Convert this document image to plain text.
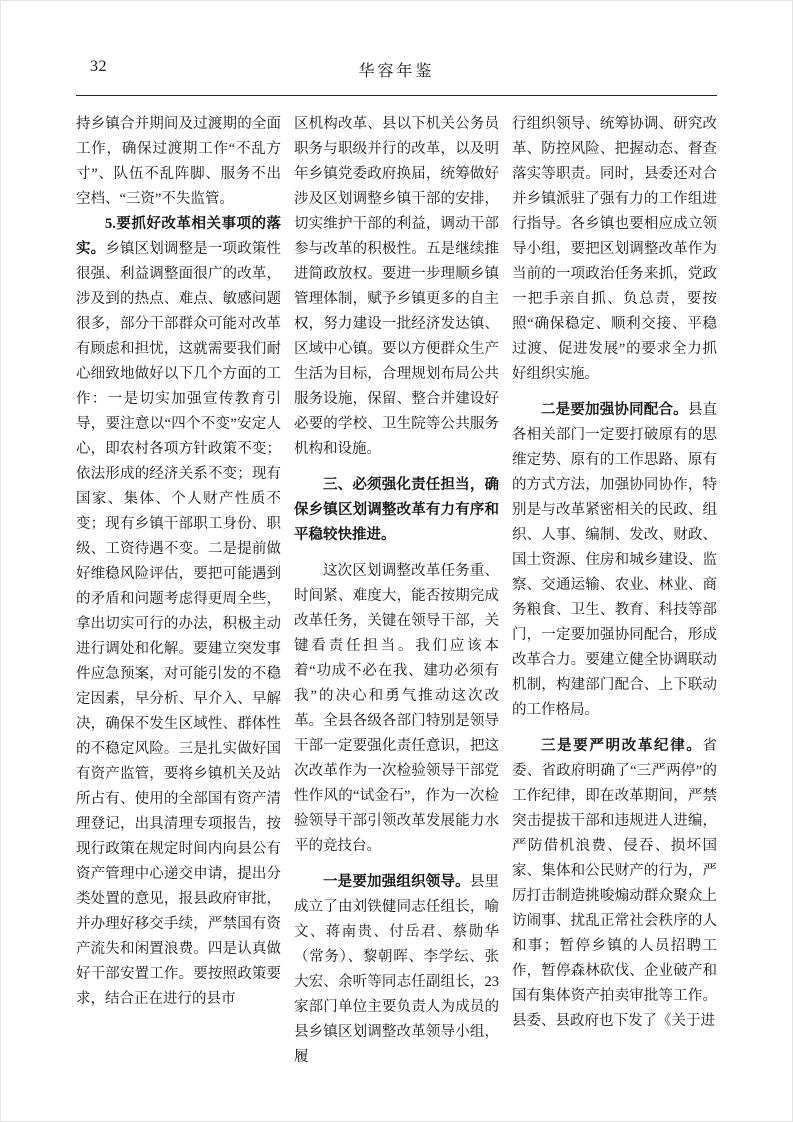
32	华容年鉴

持乡镇合并期间及过渡期的全面工作，确保过渡期工作“不乱方寸”、队伍不乱阵脚、服务不出空档、“三资”不失监管。

5.要抓好改革相关事项的落实。乡镇区划调整是一项政策性很强、利益调整面很广的改革，涉及到的热点、难点、敏感问题很多，部分干部群众可能对改革有顾虑和担忧，这就需要我们耐心细致地做好以下几个方面的工作：一是切实加强宣传教育引导，要注意以“四个不变”安定人心，即农村各项方针政策不变；依法形成的经济关系不变；现有国家、集体、个人财产性质不变；现有乡镇干部职工身份、职级、工资待遇不变。二是提前做好维稳风险评估，要把可能遇到的矛盾和问题考虑得更周全些，拿出切实可行的办法，积极主动进行调处和化解。要建立突发事件应急预案，对可能引发的不稳定因素，早分析、早介入、早解决，确保不发生区域性、群体性的不稳定风险。三是扎实做好国有资产监管，要将乡镇机关及站所占有、使用的全部国有资产清理登记，出具清理专项报告，按现行政策在规定时间内向县公有资产管理中心递交申请，提出分类处置的意见，报县政府审批，并办理好移交手续，严禁国有资产流失和闲置浪费。四是认真做好干部安置工作。要按照政策要求，结合正在进行的县市

区机构改革、县以下机关公务员职务与职级并行的改革，以及明年乡镇党委政府换届，统筹做好涉及区划调整乡镇干部的安排，切实维护干部的利益，调动干部参与改革的积极性。五是继续推进简政放权。要进一步理顺乡镇管理体制，赋予乡镇更多的自主权，努力建设一批经济发达镇、区域中心镇。要以方便群众生产生活为目标，合理规划布局公共服务设施，保留、整合并建设好必要的学校、卫生院等公共服务机构和设施。

三、必须强化责任担当，确保乡镇区划调整改革有力有序和平稳较快推进。

这次区划调整改革任务重、时间紧、难度大，能否按期完成改革任务，关键在领导干部，关键看责任担当。我们应该本着“功成不必在我、建功必须有我”的决心和勇气推动这次改革。全县各级各部门特别是领导干部一定要强化责任意识，把这次改革作为一次检验领导干部党性作风的“试金石”，作为一次检验领导干部引领改革发展能力水平的竞技台。

一是要加强组织领导。县里成立了由刘铁健同志任组长，喻文、蒋南贵、付岳君、蔡勋华（常务）、黎朝晖、李学纭、张大宏、余听等同志任副组长，23家部门单位主要负责人为成员的县乡镇区划调整改革领导小组，履

行组织领导、统筹协调、研究改革、防控风险、把握动态、督查落实等职责。同时，县委还对合并乡镇派驻了强有力的工作组进行指导。各乡镇也要相应成立领导小组，要把区划调整改革作为当前的一项政治任务来抓，党政一把手亲自抓、负总责，要按照“确保稳定、顺利交接、平稳过渡、促进发展”的要求全力抓好组织实施。

二是要加强协同配合。县直各相关部门一定要打破原有的思维定势、原有的工作思路、原有的方式方法，加强协同协作，特别是与改革紧密相关的民政、组织、人事、编制、发改、财政、国土资源、住房和城乡建设、监察、交通运输、农业、林业、商务粮食、卫生、教育、科技等部门，一定要加强协同配合，形成改革合力。要建立健全协调联动机制，构建部门配合、上下联动的工作格局。

三是要严明改革纪律。省委、省政府明确了“三严两停”的工作纪律，即在改革期间，严禁突击提拔干部和违规进人进编，严防借机浪费、侵吞、损坏国家、集体和公民财产的行为，严厉打击制造挑唆煽动群众聚众上访闹事、扰乱正常社会秩序的人和事；暂停乡镇的人员招聘工作，暂停森林砍伐、企业破产和国有集体资产拍卖审批等工作。县委、县政府也下发了《关于进
